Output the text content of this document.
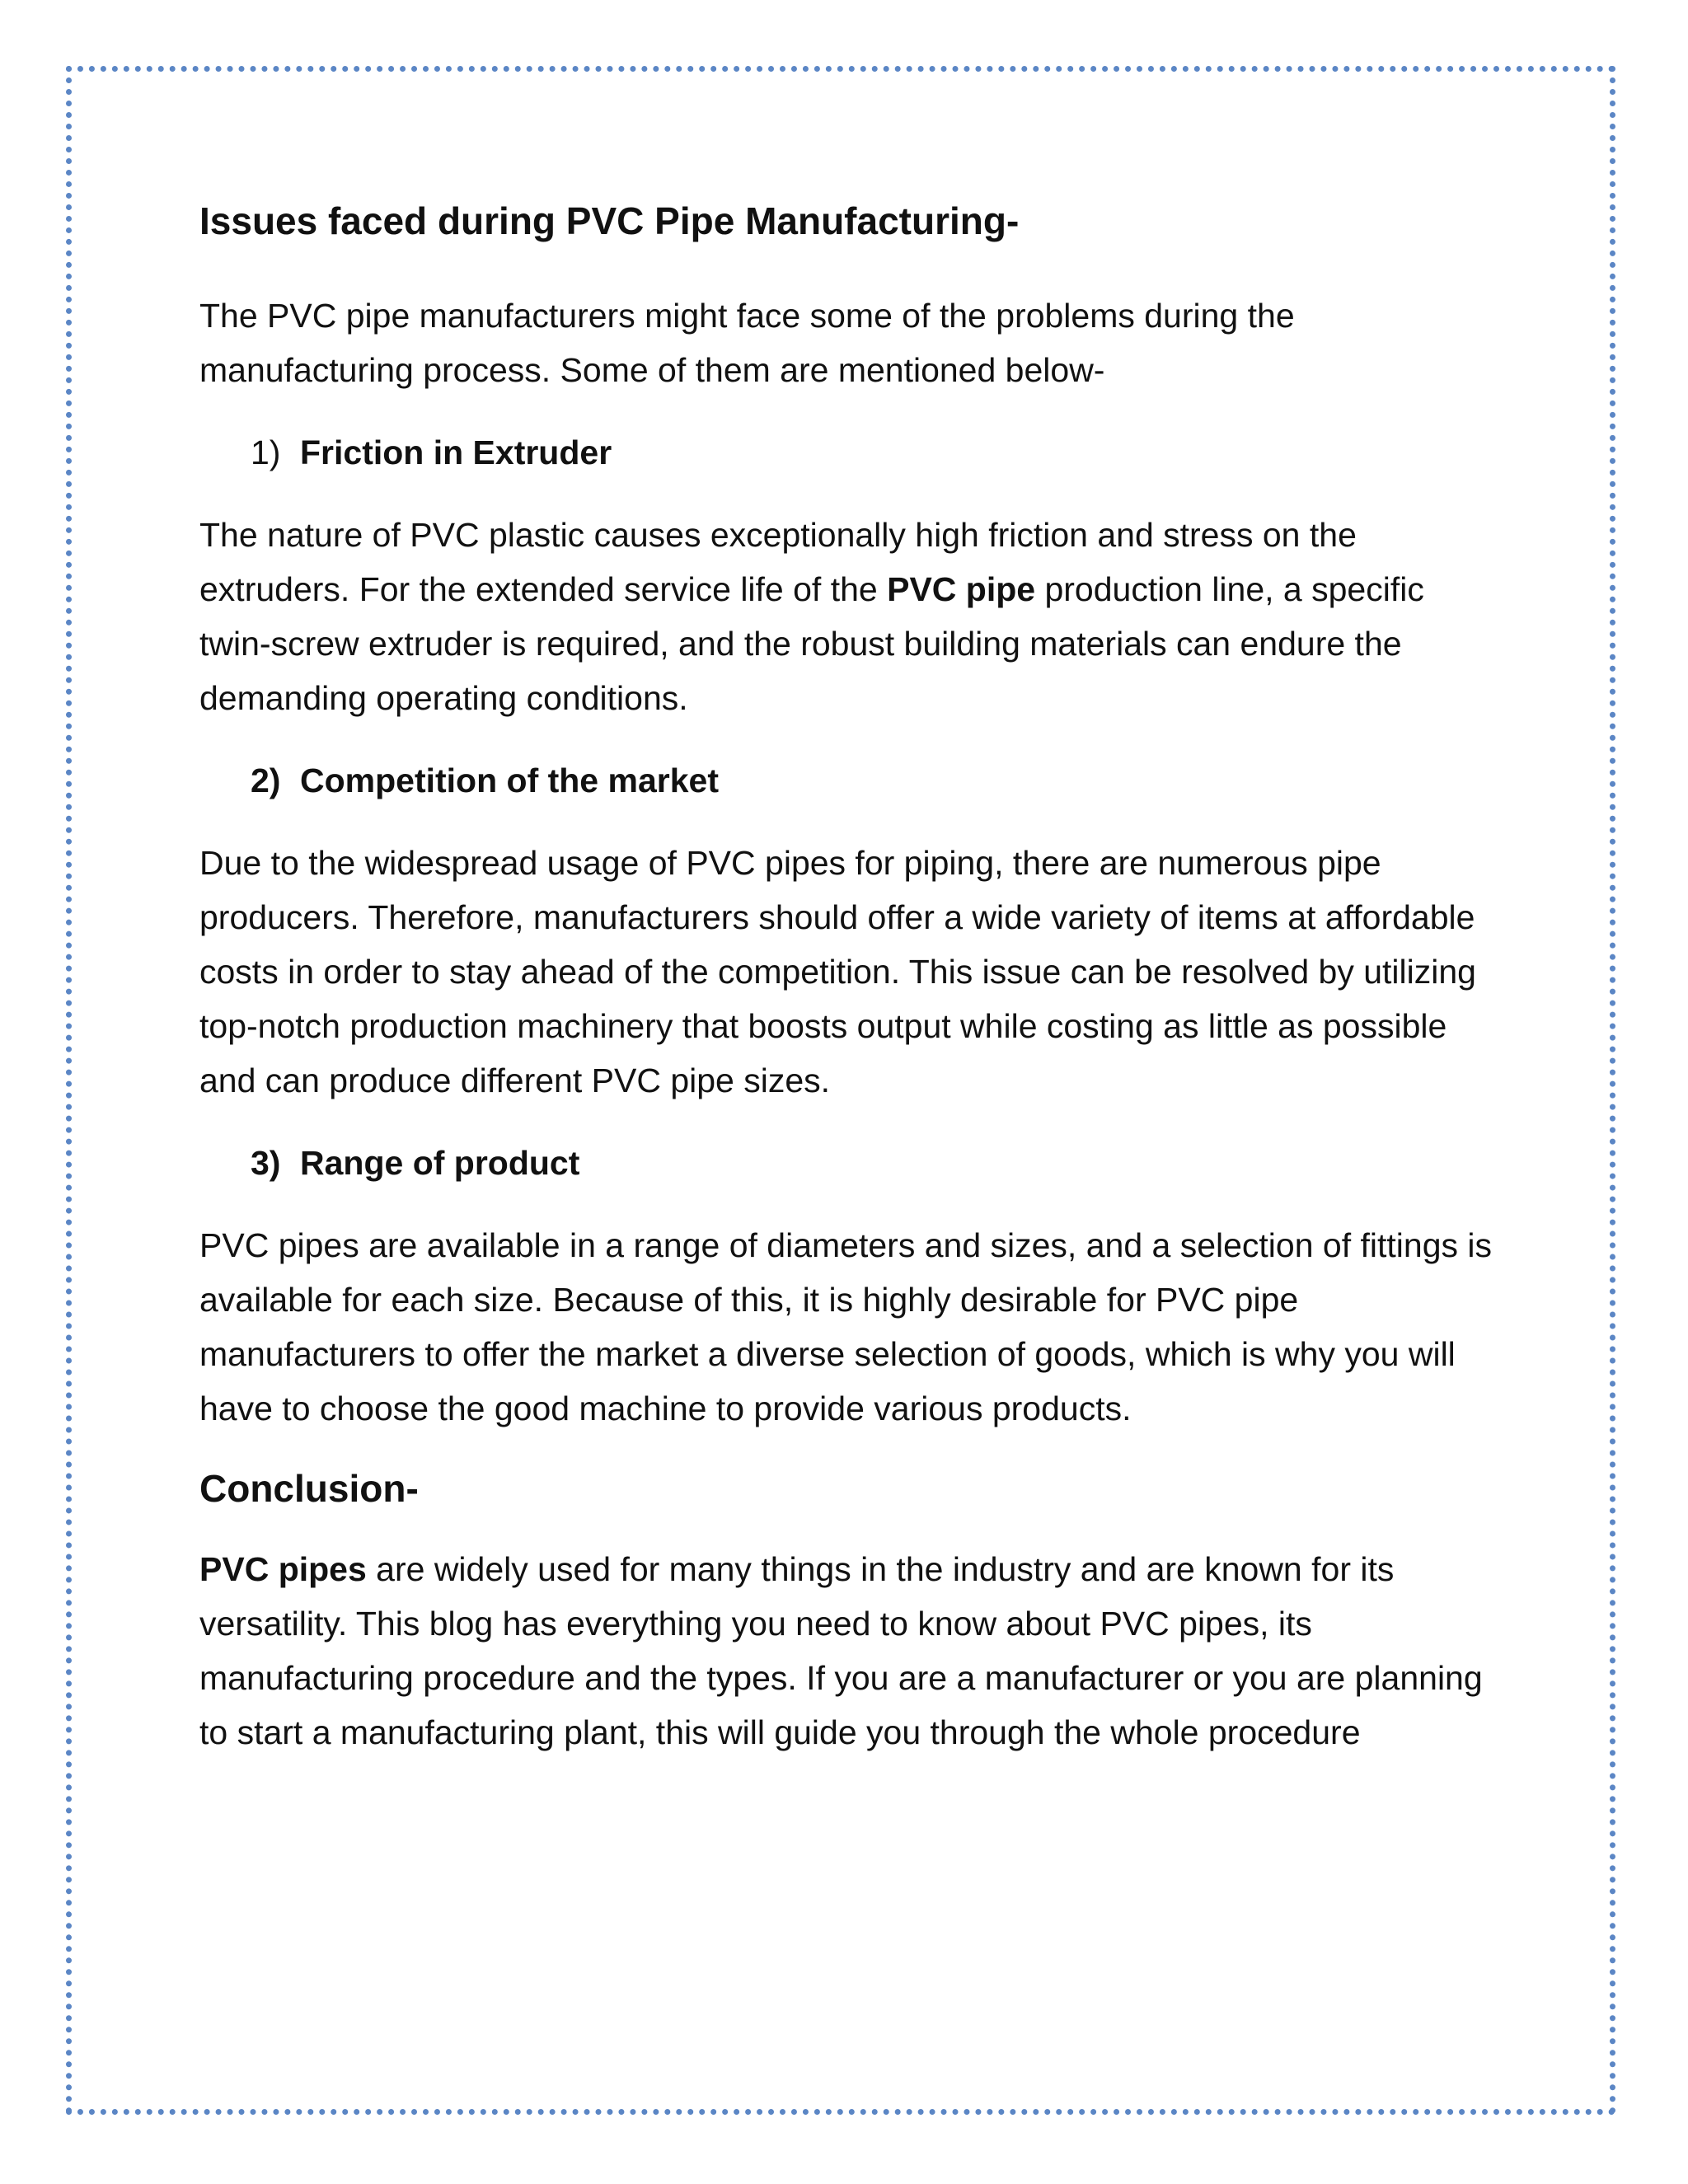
Issues faced during PVC Pipe Manufacturing-

The PVC pipe manufacturers might face some of the problems during the manufacturing process. Some of them are mentioned below-

1) Friction in Extruder

The nature of PVC plastic causes exceptionally high friction and stress on the extruders. For the extended service life of the PVC pipe production line, a specific twin-screw extruder is required, and the robust building materials can endure the demanding operating conditions.

2) Competition of the market

Due to the widespread usage of PVC pipes for piping, there are numerous pipe producers. Therefore, manufacturers should offer a wide variety of items at affordable costs in order to stay ahead of the competition. This issue can be resolved by utilizing top-notch production machinery that boosts output while costing as little as possible and can produce different PVC pipe sizes.

3) Range of product

PVC pipes are available in a range of diameters and sizes, and a selection of fittings is available for each size. Because of this, it is highly desirable for PVC pipe manufacturers to offer the market a diverse selection of goods, which is why you will have to choose the good machine to provide various products.

Conclusion-

PVC pipes are widely used for many things in the industry and are known for its versatility. This blog has everything you need to know about PVC pipes, its manufacturing procedure and the types. If you are a manufacturer or you are planning to start a manufacturing plant, this will guide you through the whole procedure
